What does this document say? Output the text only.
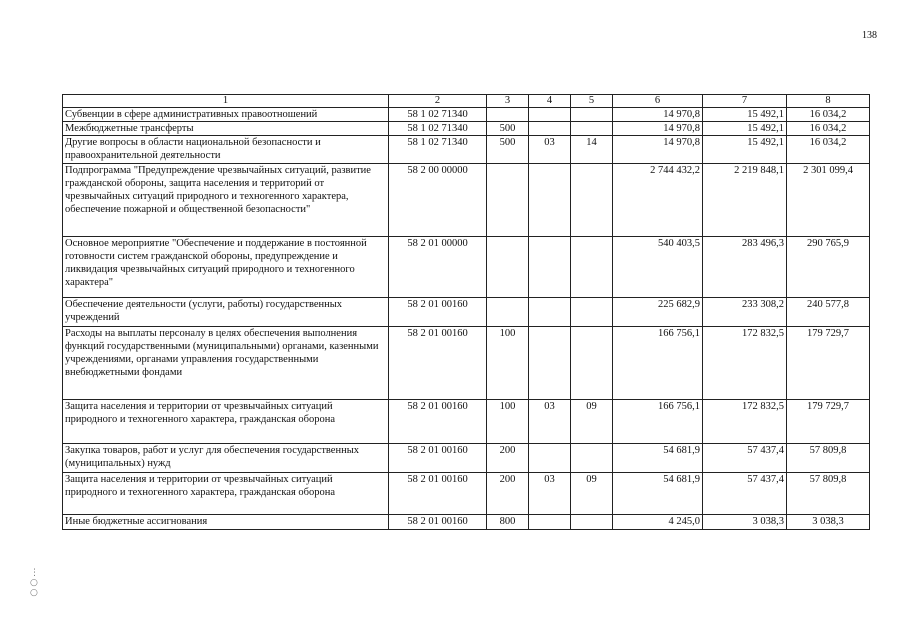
138
1	2	3	4	5	6	7	8
Субвенции в сфере административных правоотношений	58 1 02 71340				14 970,8	15 492,1	16 034,2
Межбюджетные трансферты	58 1 02 71340	500			14 970,8	15 492,1	16 034,2
Другие вопросы в области национальной безопасности и правоохранительной деятельности	58 1 02 71340	500	03	14	14 970,8	15 492,1	16 034,2
Подпрограмма "Предупреждение чрезвычайных ситуаций, развитие гражданской обороны, защита населения и территорий от чрезвычайных ситуаций природного и техногенного характера, обеспечение пожарной и общественной безопасности"	58 2 00 00000				2 744 432,2	2 219 848,1	2 301 099,4
Основное мероприятие "Обеспечение и поддержание в постоянной готовности систем гражданской обороны, предупреждение и ликвидация чрезвычайных ситуаций природного и техногенного характера"	58 2 01 00000				540 403,5	283 496,3	290 765,9
Обеспечение деятельности (услуги, работы) государственных учреждений	58 2 01 00160				225 682,9	233 308,2	240 577,8
Расходы на выплаты персоналу в целях обеспечения выполнения функций государственными (муниципальными) органами, казенными учреждениями, органами управления государственными внебюджетными фондами	58 2 01 00160	100			166 756,1	172 832,5	179 729,7
Защита населения и территории от чрезвычайных ситуаций природного и техногенного характера, гражданская оборона	58 2 01 00160	100	03	09	166 756,1	172 832,5	179 729,7
Закупка товаров, работ и услуг для обеспечения государственных (муниципальных) нужд	58 2 01 00160	200			54 681,9	57 437,4	57 809,8
Защита населения и территории от чрезвычайных ситуаций природного и техногенного характера, гражданская оборона	58 2 01 00160	200	03	09	54 681,9	57 437,4	57 809,8
Иные бюджетные ассигнования	58 2 01 00160	800			4 245,0	3 038,3	3 038,3
⋮
○
○
